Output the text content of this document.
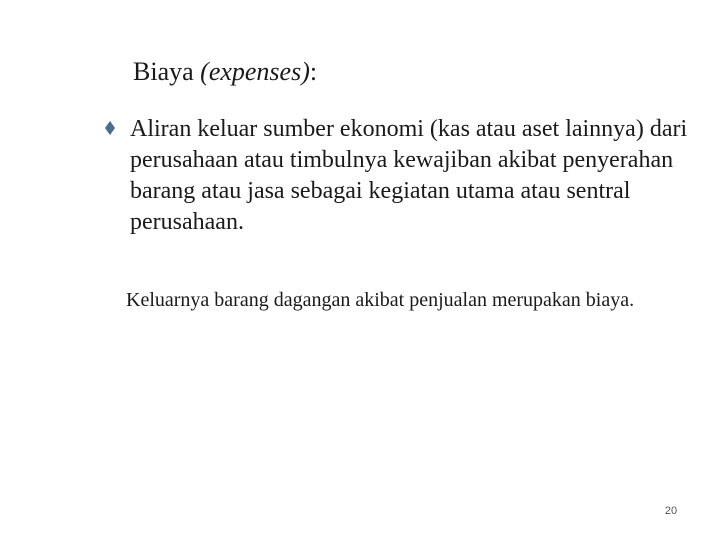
Biaya (expenses):
Aliran keluar sumber ekonomi (kas atau aset lainnya) dari perusahaan atau timbulnya kewajiban akibat penyerahan barang atau jasa sebagai kegiatan utama atau sentral perusahaan.
Keluarnya barang dagangan akibat penjualan merupakan biaya.
20
